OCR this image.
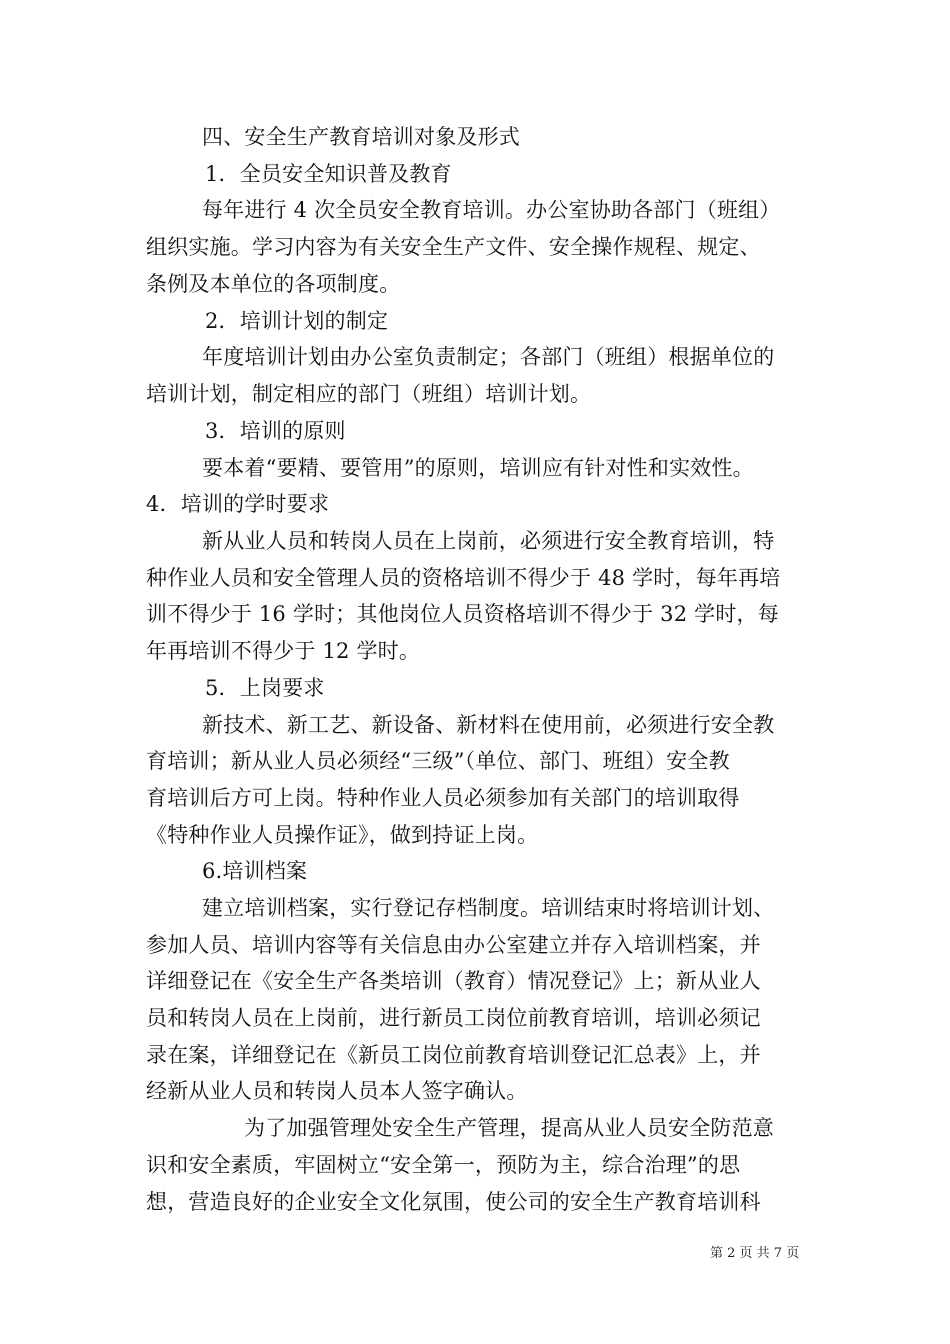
四、安全生产教育培训对象及形式
1．全员安全知识普及教育
每年进行 4 次全员安全教育培训。办公室协助各部门（班组）
组织实施。学习内容为有关安全生产文件、安全操作规程、规定、
条例及本单位的各项制度。
2．培训计划的制定
年度培训计划由办公室负责制定；各部门（班组）根据单位的
培训计划，制定相应的部门（班组）培训计划。
3．培训的原则
要本着“要精、要管用”的原则，培训应有针对性和实效性。
4．培训的学时要求
新从业人员和转岗人员在上岗前，必须进行安全教育培训，特
种作业人员和安全管理人员的资格培训不得少于 48 学时，每年再培
训不得少于 16 学时；其他岗位人员资格培训不得少于 32 学时，每
年再培训不得少于 12 学时。
5．上岗要求
新技术、新工艺、新设备、新材料在使用前，必须进行安全教
育培训；新从业人员必须经“三级”（单位、部门、班组）安全教
育培训后方可上岗。特种作业人员必须参加有关部门的培训取得
《特种作业人员操作证》，做到持证上岗。
6.培训档案
建立培训档案，实行登记存档制度。培训结束时将培训计划、
参加人员、培训内容等有关信息由办公室建立并存入培训档案，并
详细登记在《安全生产各类培训（教育）情况登记》上；新从业人
员和转岗人员在上岗前，进行新员工岗位前教育培训，培训必须记
录在案，详细登记在《新员工岗位前教育培训登记汇总表》上，并
经新从业人员和转岗人员本人签字确认。
为了加强管理处安全生产管理，提高从业人员安全防范意
识和安全素质，牢固树立“安全第一，预防为主，综合治理”的思
想，营造良好的企业安全文化氛围，使公司的安全生产教育培训科
第 2 页 共 7 页
